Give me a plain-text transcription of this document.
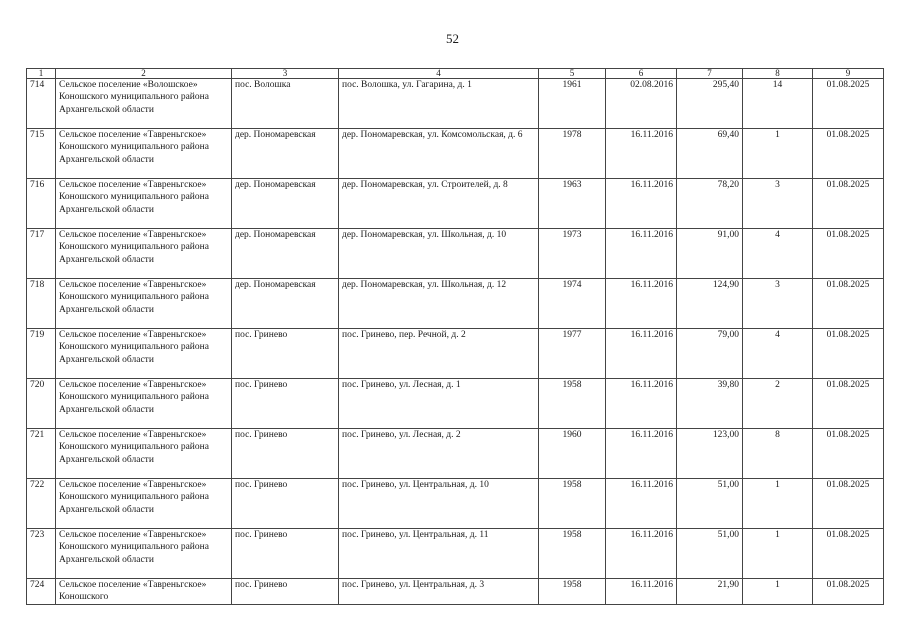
52
1	2	3	4	5	6	7	8	9
714	Сельское поселение «Волошское» Коношского муниципального района Архангельской области	пос. Волошка	пос. Волошка, ул. Гагарина, д. 1	1961	02.08.2016	295,40	14	01.08.2025
715	Сельское поселение «Тавреньгское» Коношского муниципального района Архангельской области	дер. Пономаревская	дер. Пономаревская, ул. Комсомольская, д. 6	1978	16.11.2016	69,40	1	01.08.2025
716	Сельское поселение «Тавреньгское» Коношского муниципального района Архангельской области	дер. Пономаревская	дер. Пономаревская, ул. Строителей, д. 8	1963	16.11.2016	78,20	3	01.08.2025
717	Сельское поселение «Тавреньгское» Коношского муниципального района Архангельской области	дер. Пономаревская	дер. Пономаревская, ул. Школьная, д. 10	1973	16.11.2016	91,00	4	01.08.2025
718	Сельское поселение «Тавреньгское» Коношского муниципального района Архангельской области	дер. Пономаревская	дер. Пономаревская, ул. Школьная, д. 12	1974	16.11.2016	124,90	3	01.08.2025
719	Сельское поселение «Тавреньгское» Коношского муниципального района Архангельской области	пос. Гринево	пос. Гринево, пер. Речной, д. 2	1977	16.11.2016	79,00	4	01.08.2025
720	Сельское поселение «Тавреньгское» Коношского муниципального района Архангельской области	пос. Гринево	пос. Гринево, ул. Лесная, д. 1	1958	16.11.2016	39,80	2	01.08.2025
721	Сельское поселение «Тавреньгское» Коношского муниципального района Архангельской области	пос. Гринево	пос. Гринево, ул. Лесная, д. 2	1960	16.11.2016	123,00	8	01.08.2025
722	Сельское поселение «Тавреньгское» Коношского муниципального района Архангельской области	пос. Гринево	пос. Гринево, ул. Центральная, д. 10	1958	16.11.2016	51,00	1	01.08.2025
723	Сельское поселение «Тавреньгское» Коношского муниципального района Архангельской области	пос. Гринево	пос. Гринево, ул. Центральная, д. 11	1958	16.11.2016	51,00	1	01.08.2025
724	Сельское поселение «Тавреньгское» Коношского	пос. Гринево	пос. Гринево, ул. Центральная, д. 3	1958	16.11.2016	21,90	1	01.08.2025
